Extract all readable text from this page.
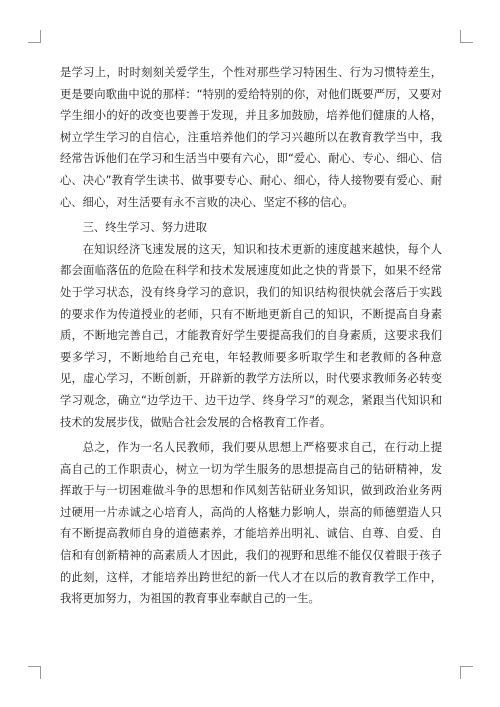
是学习上，时时刻刻关爱学生，个性对那些学习特困生、行为习惯特差生，更是要向歌曲中说的那样：“特别的爱给特别的你，对他们既要严厉，又要对学生细小的好的改变也要善于发现，并且多加鼓励，培养他们健康的人格，树立学生学习的自信心，注重培养他们的学习兴趣所以在教育教学当中，我经常告诉他们在学习和生活当中要有六心，即“爱心、耐心、专心、细心、信心、决心”教育学生读书、做事要专心、耐心、细心，待人接物要有爱心、耐心、细心，对生活要有永不言败的决心、坚定不移的信心。

三、终生学习、努力进取

在知识经济飞速发展的这天，知识和技术更新的速度越来越快，每个人都会面临落伍的危险在科学和技术发展速度如此之快的背景下，如果不经常处于学习状态，没有终身学习的意识，我们的知识结构很快就会落后于实践的要求作为传道授业的老师，只有不断地更新自己的知识，不断提高自身素质，不断地完善自己，才能教育好学生要提高我们的自身素质，这要求我们要多学习，不断地给自己充电，年轻教师要多听取学生和老教师的各种意见，虚心学习，不断创新，开辟新的教学方法所以，时代要求教师务必转变学习观念，确立“边学边干、边干边学、终身学习”的观念，紧跟当代知识和技术的发展步伐，做贴合社会发展的合格教育工作者。

总之，作为一名人民教师，我们要从思想上严格要求自己，在行动上提高自己的工作职责心，树立一切为学生服务的思想提高自己的钻研精神，发挥敢于与一切困难做斗争的思想和作风刻苦钻研业务知识，做到政治业务两过硬用一片赤诚之心培育人，高尚的人格魅力影响人，崇高的师德塑造人只有不断提高教师自身的道德素养，才能培养出明礼、诚信、自尊、自爱、自信和有创新精神的高素质人才因此，我们的视野和思维不能仅仅着眼于孩子的此刻，这样，才能培养出跨世纪的新一代人才在以后的教育教学工作中，我将更加努力，为祖国的教育事业奉献自己的一生。
